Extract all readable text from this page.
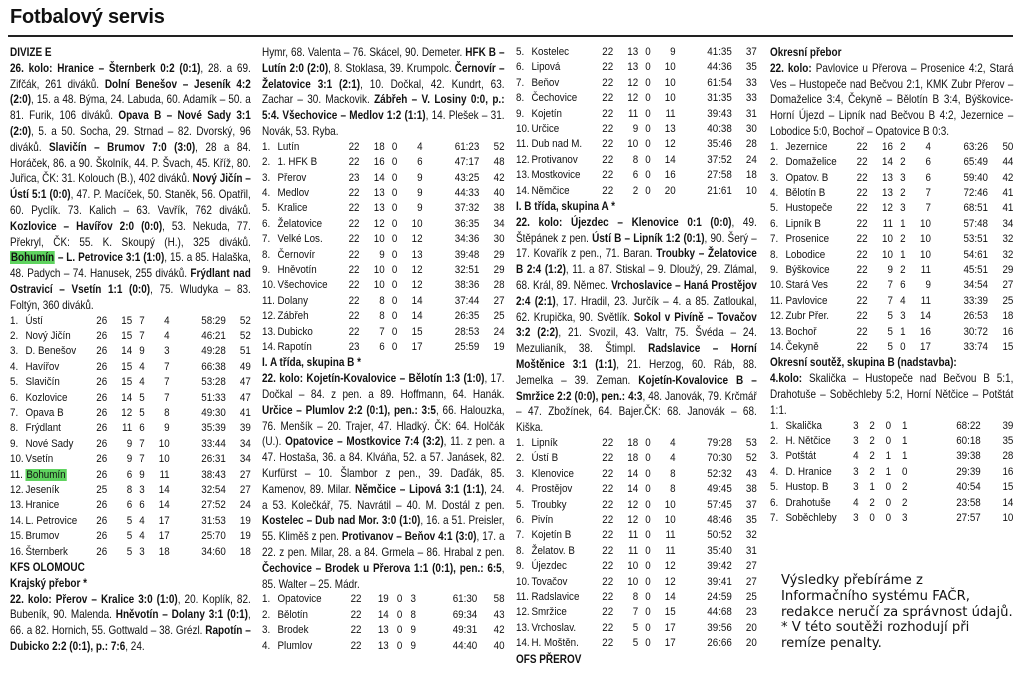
Fotbalový servis

DIVIZE E

26. kolo: Hranice – Šternberk 0:2 (0:1), 28. a 69. Zifčák, 261 diváků. Dolní Benešov – Jeseník 4:2 (2:0), 15. a 48. Býma, 24. Labuda, 60. Adamík – 50. a 81. Furik, 106 diváků. Opava B – Nové Sady 3:1 (2:0), 5. a 50. Socha, 29. Strnad – 82. Dvorský, 96 diváků. Slavičín – Brumov 7:0 (3:0), 28 a 84. Horáček, 86. a 90. Školník, 44. P. Švach, 45. Kříž, 80. Juřica, ČK: 31. Kolouch (B.), 402 diváků. Nový Jičín – Ústí 5:1 (0:0), 47. P. Macíček, 50. Staněk, 56. Opatřil, 60. Pyclík. 73. Kalich – 63. Vavřík, 762 diváků. Kozlovice – Havířov 2:0 (0:0), 53. Nekuda, 77. Překryl, ČK: 55. K. Skoupý (H.), 325 diváků. Bohumín – L. Petrovice 3:1 (1:0), 15. a 85. Halaška, 48. Padych – 74. Hanusek, 255 diváků. Frýdlant nad Ostravicí – Vsetín 1:1 (0:0), 75. Wludyka – 83. Foltýn, 360 diváků.

1.	Ústí	26	15	7	4	58:29	52
2.	Nový Jičín	26	15	7	4	46:21	52
3.	D. Benešov	26	14	9	3	49:28	51
4.	Havířov	26	15	4	7	66:38	49
5.	Slavičín	26	15	4	7	53:28	47
6.	Kozlovice	26	14	5	7	51:33	47
7.	Opava B	26	12	5	8	49:30	41
8.	Frýdlant	26	11	6	9	35:39	39
9.	Nové Sady	26	9	7	10	33:44	34
10.	Vsetín	26	9	7	10	26:31	34
11.	Bohumín	26	6	9	11	38:43	27
12.	Jeseník	25	8	3	14	32:54	27
13.	Hranice	26	6	6	14	27:52	24
14.	L. Petrovice	26	5	4	17	31:53	19
15.	Brumov	26	5	4	17	25:70	19
16.	Šternberk	26	5	3	18	34:60	18

KFS OLOMOUC

Krajský přebor *

22. kolo: Přerov – Kralice 3:0 (1:0), 20. Koplík, 82. Bubeník, 90. Malenda. Hněvotín – Dolany 3:1 (0:1), 66. a 82. Hornich, 55. Gottwald – 38. Grézl. Rapotín – Dubicko 2:2 (0:1), p.: 7:6, 24.

Hymr, 68. Valenta – 76. Skácel, 90. Demeter. HFK B – Lutín 2:0 (2:0), 8. Stoklasa, 39. Krumpolc. Černovír – Želatovice 3:1 (2:1), 10. Dočkal, 42. Kundrt, 63. Zachar – 30. Mackovik. Zábřeh – V. Losiny 0:0, p.: 5:4. Všechovice – Medlov 1:2 (1:1), 14. Plešek – 31. Novák, 53. Ryba.

1.	Lutín	22	18	0	4	61:23	52
2.	1. HFK B	22	16	0	6	47:17	48
3.	Přerov	23	14	0	9	43:25	42
4.	Medlov	22	13	0	9	44:33	40
5.	Kralice	22	13	0	9	37:32	38
6.	Želatovice	22	12	0	10	36:35	34
7.	Velké Los.	22	10	0	12	34:36	30
8.	Černovír	22	9	0	13	39:48	29
9.	Hněvotín	22	10	0	12	32:51	29
10.	Všechovice	22	10	0	12	38:36	28
11.	Dolany	22	8	0	14	37:44	27
12.	Zábřeh	22	8	0	14	26:35	25
13.	Dubicko	22	7	0	15	28:53	24
14.	Rapotín	23	6	0	17	25:59	19

I. A třída, skupina B *

22. kolo: Kojetín-Kovalovice – Bělotín 1:3 (1:0), 17. Dočkal – 84. z pen. a 89. Hoffmann, 64. Hanák. Určice – Plumlov 2:2 (0:1), pen.: 3:5, 66. Halouzka, 76. Menšík – 20. Trajer, 47. Hladký. ČK: 64. Holčák (U.). Opatovice – Mostkovice 7:4 (3:2), 11. z pen. a 47. Hostaša, 36. a 84. Klváňa, 52. a 57. Janásek, 82. Kurfürst – 10. Šlambor z pen., 39. Daďák, 85. Kamenov, 89. Milar. Němčice – Lipová 3:1 (1:1), 24. a 53. Kolečkář, 75. Navrátil – 40. M. Dostál z pen. Kostelec – Dub nad Mor. 3:0 (1:0), 16. a 51. Preisler, 55. Kliměš z pen. Protivanov – Beňov 4:1 (3:0), 17. a 22. z pen. Milar, 28. a 84. Grmela – 86. Hrabal z pen. Čechovice – Brodek u Přerova 1:1 (0:1), pen.: 6:5, 85. Walter – 25. Mádr.

1.	Opatovice	22	19	0	3	61:30	58
2.	Bělotín	22	14	0	8	69:34	43
3.	Brodek	22	13	0	9	49:31	42
4.	Plumlov	22	13	0	9	44:40	40
5.	Kostelec	22	13	0	9	41:35	37
6.	Lipová	22	13	0	10	44:36	35
7.	Beňov	22	12	0	10	61:54	33
8.	Čechovice	22	12	0	10	31:35	33
9.	Kojetín	22	11	0	11	39:43	31
10.	Určice	22	9	0	13	40:38	30
11.	Dub nad M.	22	10	0	12	35:46	28
12.	Protivanov	22	8	0	14	37:52	24
13.	Mostkovice	22	6	0	16	27:58	18
14.	Němčice	22	2	0	20	21:61	10

I. B třída, skupina A *

22. kolo: Újezdec – Klenovice 0:1 (0:0), 49. Štěpánek z pen. Ústí B – Lipník 1:2 (0:1), 90. Šerý – 17. Kovařík z pen., 71. Baran. Troubky – Želatovice B 2:4 (1:2), 11. a 87. Stiskal – 9. Dloužý, 29. Zlámal, 68. Král, 89. Němec. Vrchoslavice – Haná Prostějov 2:4 (2:1), 17. Hradil, 23. Jurčík – 4. a 85. Zatloukal, 62. Krupička, 90. Světlík. Sokol v Pivíně – Tovačov 3:2 (2:2), 21. Svozil, 43. Valtr, 75. Švéda – 24. Mezulianík, 38. Štimpl. Radslavice – Horní Moštěnice 3:1 (1:1), 21. Herzog, 60. Ráb, 88. Jemelka – 39. Zeman. Kojetín-Kovalovice B – Smržice 2:2 (0:0), pen.: 4:3, 48. Janovák, 79. Krčmář – 47. Zbožínek, 64. Bajer.ČK: 68. Janovák – 68. Kiška.

1.	Lipník	22	18	0	4	79:28	53
2.	Ústí B	22	18	0	4	70:30	52
3.	Klenovice	22	14	0	8	52:32	43
4.	Prostějov	22	14	0	8	49:45	38
5.	Troubky	22	12	0	10	57:45	37
6.	Pivín	22	12	0	10	48:46	35
7.	Kojetín B	22	11	0	11	50:52	32
8.	Želatov. B	22	11	0	11	35:40	31
9.	Újezdec	22	10	0	12	39:42	27
10.	Tovačov	22	10	0	12	39:41	27
11.	Radslavice	22	8	0	14	24:59	25
12.	Smržice	22	7	0	15	44:68	23
13.	Vrchoslav.	22	5	0	17	39:56	20
14.	H. Moštěn.	22	5	0	17	26:66	20

OFS PŘEROV

Okresní přebor

22. kolo: Pavlovice u Přerova – Prosenice 4:2, Stará Ves – Hustopeče nad Bečvou 2:1, KMK Zubr Přerov – Domaželice 3:4, Čekyně – Bělotín B 3:4, Býškovice-Horní Újezd – Lipník nad Bečvou B 4:2, Jezernice – Lobodice 5:0, Bochoř – Opatovice B 0:3.

1.	Jezernice	22	16	2	4	63:26	50
2.	Domaželice	22	14	2	6	65:49	44
3.	Opatov. B	22	13	3	6	59:40	42
4.	Bělotín B	22	13	2	7	72:46	41
5.	Hustopeče	22	12	3	7	68:51	41
6.	Lipník B	22	11	1	10	57:48	34
7.	Prosenice	22	10	2	10	53:51	32
8.	Lobodice	22	10	1	10	54:61	32
9.	Býškovice	22	9	2	11	45:51	29
10.	Stará Ves	22	7	6	9	34:54	27
11.	Pavlovice	22	7	4	11	33:39	25
12.	Zubr Přer.	22	5	3	14	26:53	18
13.	Bochoř	22	5	1	16	30:72	16
14.	Čekyně	22	5	0	17	33:74	15

Okresní soutěž, skupina B (nadstavba):

4.kolo: Skalička – Hustopeče nad Bečvou B 5:1, Drahotuše – Soběchleby 5:2, Horní Nětčice – Potštát 1:1.

1.	Skalička	3	2	0	1	68:22	39
2.	H. Nětčice	3	2	0	1	60:18	35
3.	Potštát	4	2	1	1	39:38	28
4.	D. Hranice	3	2	1	0	29:39	16
5.	Hustop. B	3	1	0	2	40:54	15
6.	Drahotuše	4	2	0	2	23:58	14
7.	Soběchleby	3	0	0	3	27:57	10
Výsledky přebíráme z Informačního systému FAČR, redakce neručí za správnost údajů.
* V této soutěži rozhodují při remíze penalty.
